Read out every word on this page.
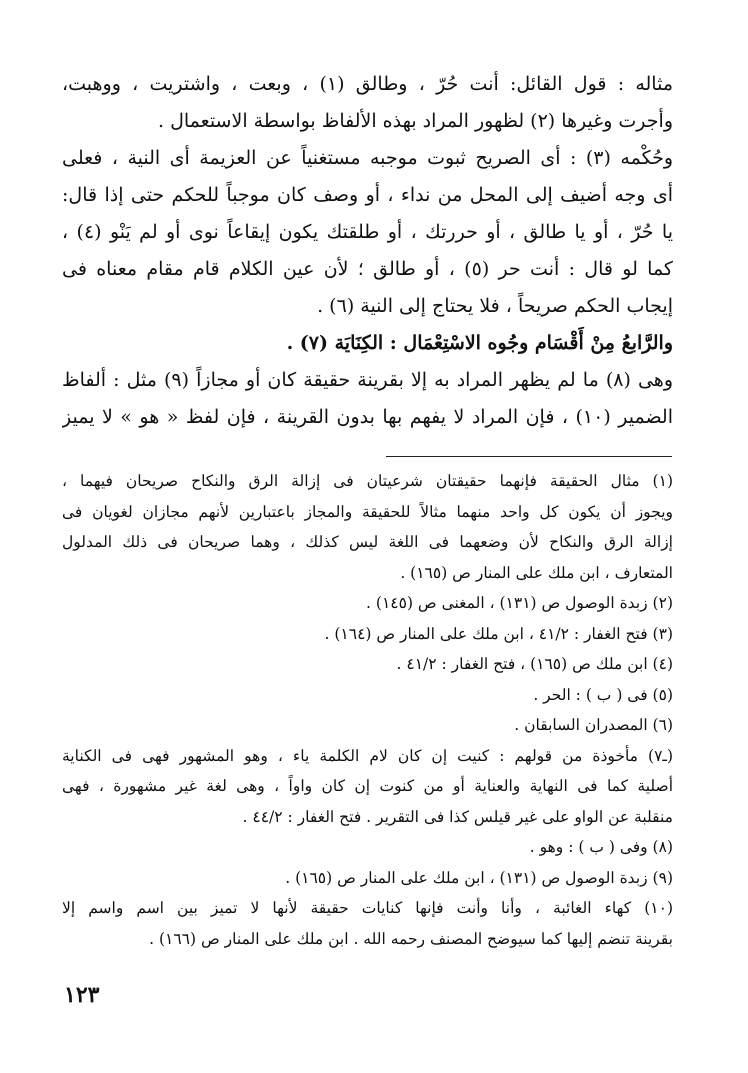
مثاله : قول القائل: أنت حُرّ ، وطالق (١) ، وبعت ، واشتريت ، ووهبت،
وأجرت وغيرها (٢) لظهور المراد بهذه الألفاظ بواسطة الاستعمال .
وحُكْمه (٣) : أى الصريح ثبوت موجبه مستغنياً عن العزيمة أى النية ، فعلى
أى وجه أضيف إلى المحل من نداء ، أو وصف كان موجباً للحكم حتى إذا قال:
يا حُرّ ، أو يا طالق ، أو حررتك ، أو طلقتك يكون إيقاعاً نوى أو لم يَنْو (٤) ،
كما لو قال : أنت حر (٥) ، أو طالق ؛ لأن عين الكلام قام مقام معناه فى
إيجاب الحكم صريحاً ، فلا يحتاج إلى النية (٦) .
والرَّابعُ مِنْ أَقْسَام وجُوه الاسْتِعْمَال : الكِنَايَة (٧) .
وهى (٨) ما لم يظهر المراد به إلا بقرينة حقيقة كان أو مجازاً (٩) مثل : ألفاظ
الضمير (١٠) ، فإن المراد لا يفهم بها بدون القرينة ، فإن لفظ « هو » لا يميز
(١) مثال الحقيقة فإنهما حقيقتان شرعيتان فى إزالة الرق والنكاح صريحان فيهما ،
ويجوز أن يكون كل واحد منهما مثالاً للحقيقة والمجاز باعتبارين لأنهم مجازان لغويان فى
إزالة الرق والنكاح لأن وضعهما فى اللغة ليس كذلك ، وهما صريحان فى ذلك المدلول
المتعارف ، ابن ملك على المنار ص (١٦٥) .
(٢) زبدة الوصول ص (١٣١) ، المغنى ص (١٤٥) .
(٣) فتح الغفار : ٤١/٢ ، ابن ملك على المنار ص (١٦٤) .
(٤) ابن ملك ص (١٦٥) ، فتح الغفار : ٤١/٢ .
(٥) فى ( ب ) : الحر .
(٦) المصدران السابقان .
(ـ٧) مأخوذة من قولهم : كنيت إن كان لام الكلمة ياء ، وهو المشهور فهى فى الكناية
أصلية كما فى النهاية والعناية أو من كنوت إن كان واواً ، وهى لغة غير مشهورة ، فهى
منقلبة عن الواو على غير قيلس كذا فى التقرير . فتح الغفار : ٤٤/٢ .
(٨) وفى ( ب ) : وهو .
(٩) زبدة الوصول ص (١٣١) ، ابن ملك على المنار ص (١٦٥) .
(١٠) كهاء الغائبة ، وأنا وأنت فإنها كنايات حقيقة لأنها لا تميز بين اسم واسم إلا
بقرينة تنضم إليها كما سيوضح المصنف رحمه الله . ابن ملك على المنار ص (١٦٦) .
١٢٣
